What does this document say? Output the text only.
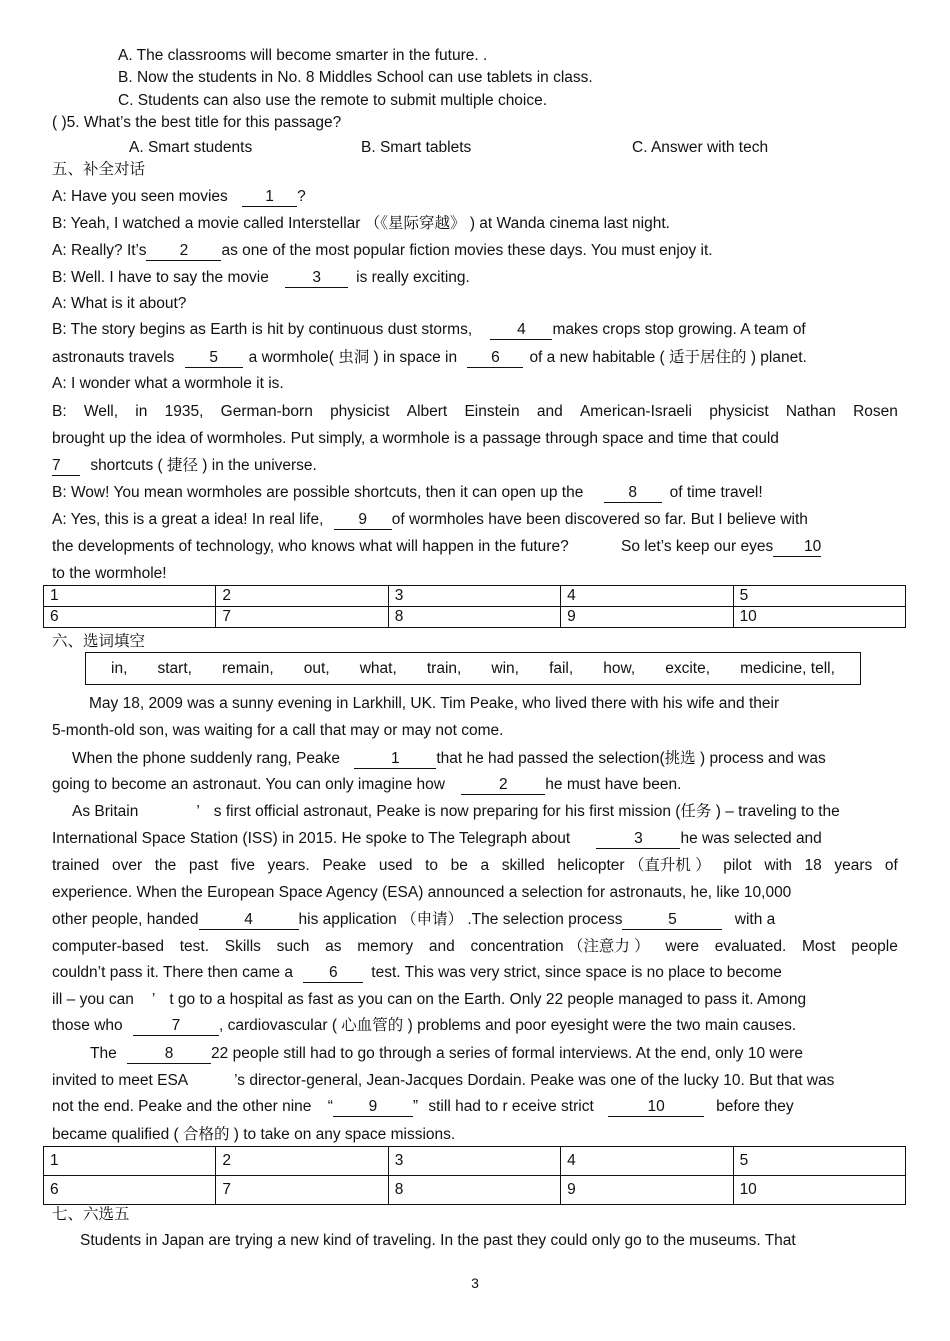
A. The classrooms will become smarter in the future. .
B. Now the students in No. 8 Middles School can use tablets in class.
C. Students can also use the remote to submit multiple choice.
( )5. What’s the best title for this passage?
A. Smart students	B. Smart tablets	C. Answer with tech
五、补全对话
A: Have you seen movies 1 ?
B: Yeah, I watched a movie called Interstellar （《星际穿越》 ) at Wanda cinema last night.
A: Really? It’s 2 as one of the most popular fiction movies these days. You must enjoy it.
B: Well. I have to say the movie	3 is really exciting.
A: What is it about?
B: The story begins as Earth is hit by continuous dust storms,	4 makes crops stop growing. A team of
astronauts travels 5 a wormhole( 虫洞 ) in space in 6 of a new habitable ( 适于居住的 ) planet.
A: I wonder what a wormhole it is.
B: Well, in 1935, German-born physicist Albert Einstein and American-Israeli physicist Nathan Rosen
brought up the idea of wormholes. Put simply, a wormhole is a passage through space and time that could
7 shortcuts ( 捷径 ) in the universe.
B: Wow! You mean wormholes are possible shortcuts, then it can open up the	8 of time travel!
A: Yes, this is a great a idea! In real life, 9 of wormholes have been discovered so far. But I believe with
the developments of technology, who knows what will happen in the future?	So let’s keep our eyes 10
to the wormhole!
1	2	3	4	5
6	7	8	9	10
六、选词填空
in, start, remain, out, what, train, win, fail, how, excite, medicine, tell,
May 18, 2009 was a sunny evening in Larkhill, UK. Tim Peake, who lived there with his wife and their
5-month-old son, was waiting for a call that may or may not come.
When the phone suddenly rang, Peake	1 that he had passed the selection(挑选 ) process and was
going to become an astronaut. You can only imagine how	2 he must have been.
As Britain	’ s first official astronaut, Peake is now preparing for his first mission (任务 ) – traveling to the
International Space Station (ISS) in 2015. He spoke to The Telegraph about	3 he was selected and
trained over the past five years. Peake used to be a skilled helicopter （直升机 ） pilot with 18 years of
experience. When the European Space Agency (ESA) announced a selection for astronauts, he, like 10,000
other people, handed	4	his application （申请） .The selection process	5	with a
computer-based test. Skills such as memory and concentration （注意力 ） were evaluated. Most people
couldn’t pass it. There then came a 6 test. This was very strict, since space is no place to become
ill – you can ’ t go to a hospital as fast as you can on the Earth. Only 22 people managed to pass it. Among
those who	7 , cardiovascular ( 心血管的 ) problems and poor eyesight were the two main causes.
The	8 22 people still had to go through a series of formal interviews. At the end, only 10 were
invited to meet ESA	’s director-general, Jean-Jacques Dordain. Peake was one of the lucky 10. But that was
not the end. Peake and the other nine “ 9 ” still had to r eceive strict	10	before they
became qualified ( 合格的 ) to take on any space missions.
1	2	3	4	5
6	7	8	9	10
七、六选五
Students in Japan are trying a new kind of traveling. In the past they could only go to the museums. That
3
